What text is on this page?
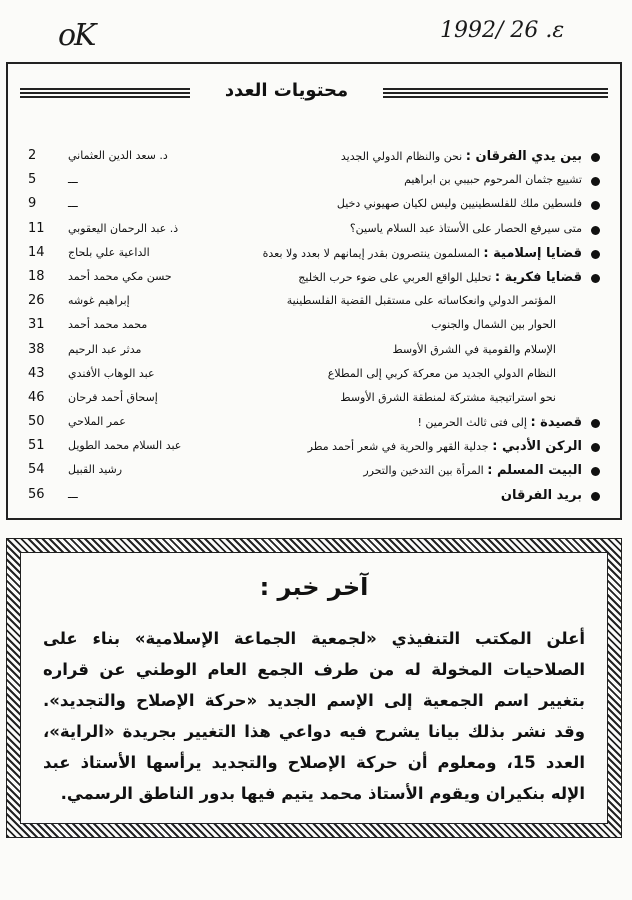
oK	1992/ 26 .ε
محتويات العدد
بين يدي الفرقان : نحن والنظام الدولي الجديد
د. سعد الدين العثماني
2
تشييع جثمان المرحوم حبيبي بن ابراهيم
ـــ
5
فلسطين ملك للفلسطينيين وليس لكيان صهيوني دخيل
ـــ
9
متى سيرفع الحصار على الأستاذ عبد السلام ياسين؟
ذ. عبد الرحمان اليعقوبي
11
قضايا إسلامية : المسلمون ينتصرون بقدر إيمانهم لا بعدد ولا بعدة
الداعية علي بلحاج
14
قضايا فكرية : تحليل الواقع العربي على ضوء حرب الخليج
حسن مكي محمد أحمد
18
المؤتمر الدولي وانعكاساته على مستقبل القضية الفلسطينية
إبراهيم غوشه
26
الحوار بين الشمال والجنوب
محمد محمد أحمد
31
الإسلام والقومية في الشرق الأوسط
مدثر عبد الرحيم
38
النظام الدولي الجديد من معركة كربي إلى المطلاع
عبد الوهاب الأفندي
43
نحو استراتيجية مشتركة لمنطقة الشرق الأوسط
إسحاق أحمد فرحان
46
قصيدة : إلى فتى ثالث الحرمين !
عمر الملاحي
50
الركن الأدبي : جدلية القهر والحرية في شعر أحمد مطر
عبد السلام محمد الطويل
51
البيت المسلم : المرأة بين التدخين والتحرر
رشيد القبيل
54
بريد الفرقان
ـــ
56
آخر خبر :
أعلن المكتب التنفيذي «لجمعية الجماعة الإسلامية» بناء على الصلاحيات المخولة له من طرف الجمع العام الوطني عن قراره بتغيير اسم الجمعية إلى الإسم الجديد «حركة الإصلاح والتجديد». وقد نشر بذلك بيانا يشرح فيه دواعي هذا التغيير بجريدة «الراية»، العدد 15، ومعلوم أن حركة الإصلاح والتجديد يرأسها الأستاذ عبد الإله بنكيران ويقوم الأستاذ محمد يتيم فيها بدور الناطق الرسمي.
